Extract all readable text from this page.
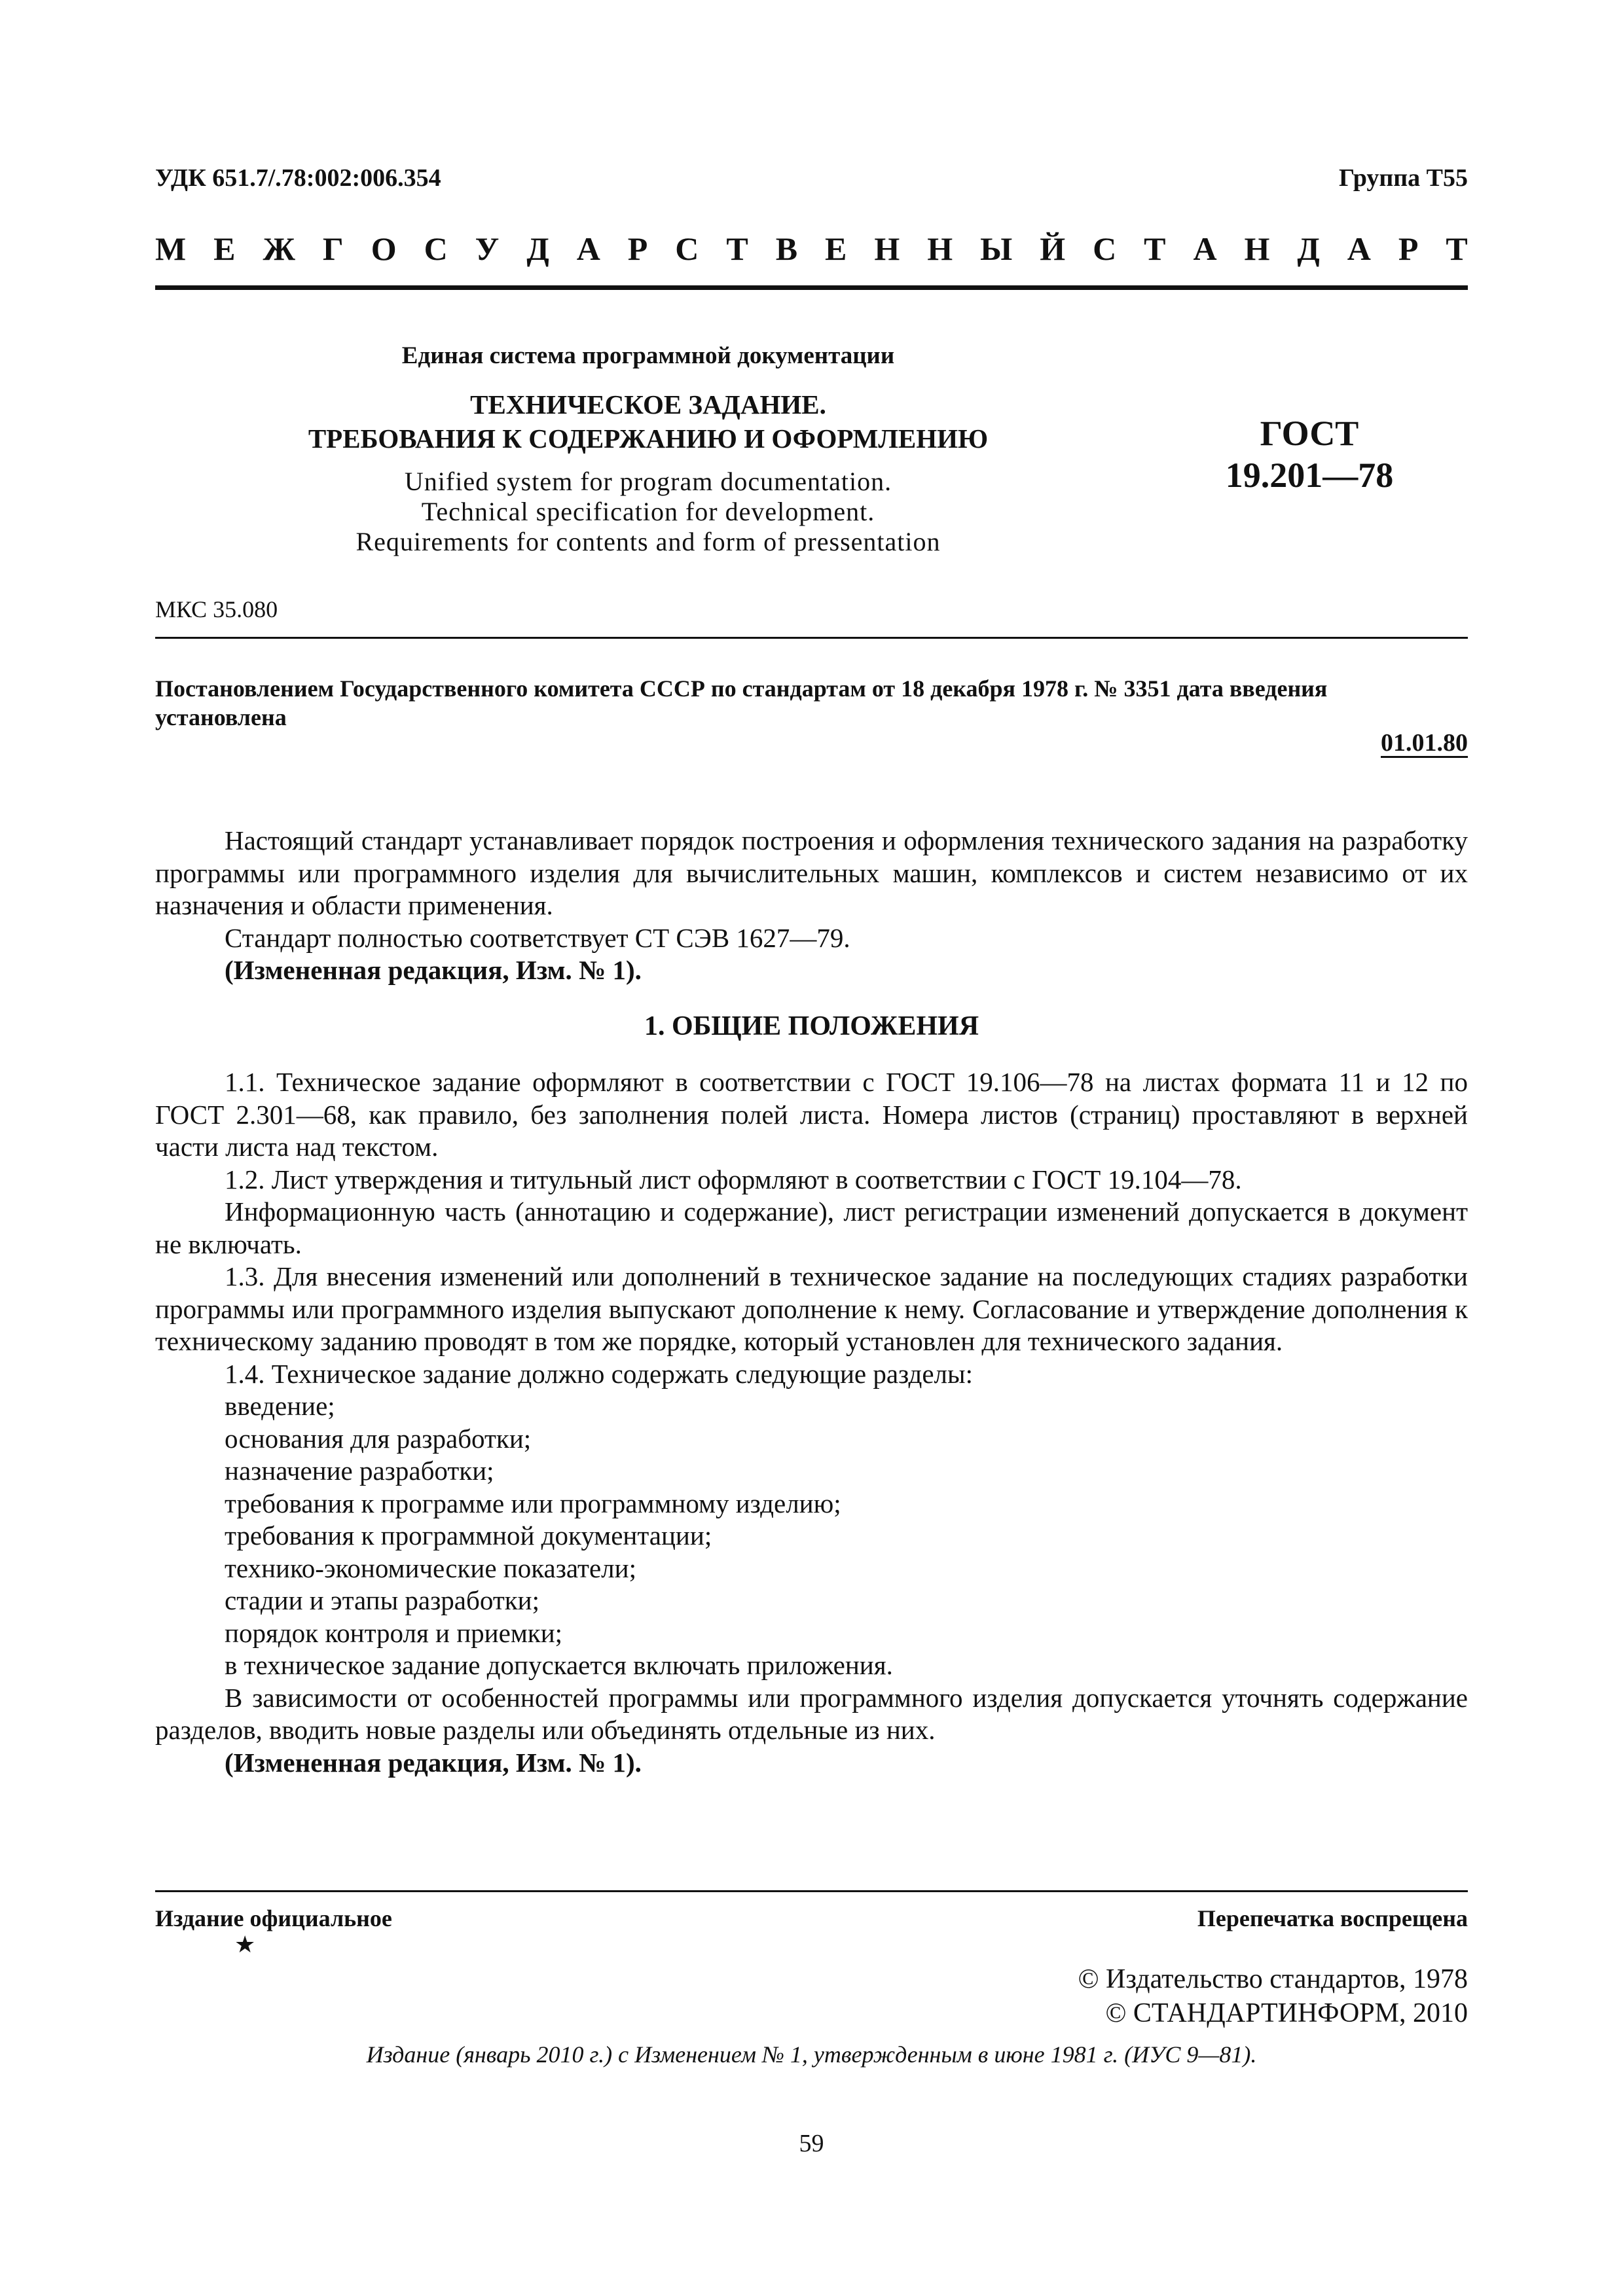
УДК 651.7/.78:002:006.354	Группа Т55
М Е Ж Г О С У Д А Р С Т В Е Н Н Ы Й С Т А Н Д А Р Т
Единая система программной документации
ТЕХНИЧЕСКОЕ ЗАДАНИЕ.
ТРЕБОВАНИЯ К СОДЕРЖАНИЮ И ОФОРМЛЕНИЮ
Unified system for program documentation.
Technical specification for development.
Requirements for contents and form of pressentation
ГОСТ
19.201—78
МКС 35.080
Постановлением Государственного комитета СССР по стандартам от 18 декабря 1978 г. № 3351 дата введения
установлена
01.01.80

Настоящий стандарт устанавливает порядок построения и оформления технического задания на разработку программы или программного изделия для вычислительных машин, комплексов и систем независимо от их назначения и области применения.

Стандарт полностью соответствует СТ СЭВ 1627—79.

(Измененная редакция, Изм. № 1).

1. ОБЩИЕ ПОЛОЖЕНИЯ

1.1. Техническое задание оформляют в соответствии с ГОСТ 19.106—78 на листах формата 11 и 12 по ГОСТ 2.301—68, как правило, без заполнения полей листа. Номера листов (страниц) проставляют в верхней части листа над текстом.

1.2. Лист утверждения и титульный лист оформляют в соответствии с ГОСТ 19.104—78.

Информационную часть (аннотацию и содержание), лист регистрации изменений допускается в документ не включать.

1.3. Для внесения изменений или дополнений в техническое задание на последующих стадиях разработки программы или программного изделия выпускают дополнение к нему. Согласование и утверждение дополнения к техническому заданию проводят в том же порядке, который установлен для технического задания.

1.4. Техническое задание должно содержать следующие разделы:

введение;

основания для разработки;

назначение разработки;

требования к программе или программному изделию;

требования к программной документации;

технико-экономические показатели;

стадии и этапы разработки;

порядок контроля и приемки;

в техническое задание допускается включать приложения.

В зависимости от особенностей программы или программного изделия допускается уточнять содержание разделов, вводить новые разделы или объединять отдельные из них.

(Измененная редакция, Изм. № 1).

Издание официальное
★
Перепечатка воспрещена
© Издательство стандартов, 1978
© СТАНДАРТИНФОРМ, 2010
Издание (январь 2010 г.) с Изменением № 1, утвержденным в июне 1981 г. (ИУС 9—81).
59
